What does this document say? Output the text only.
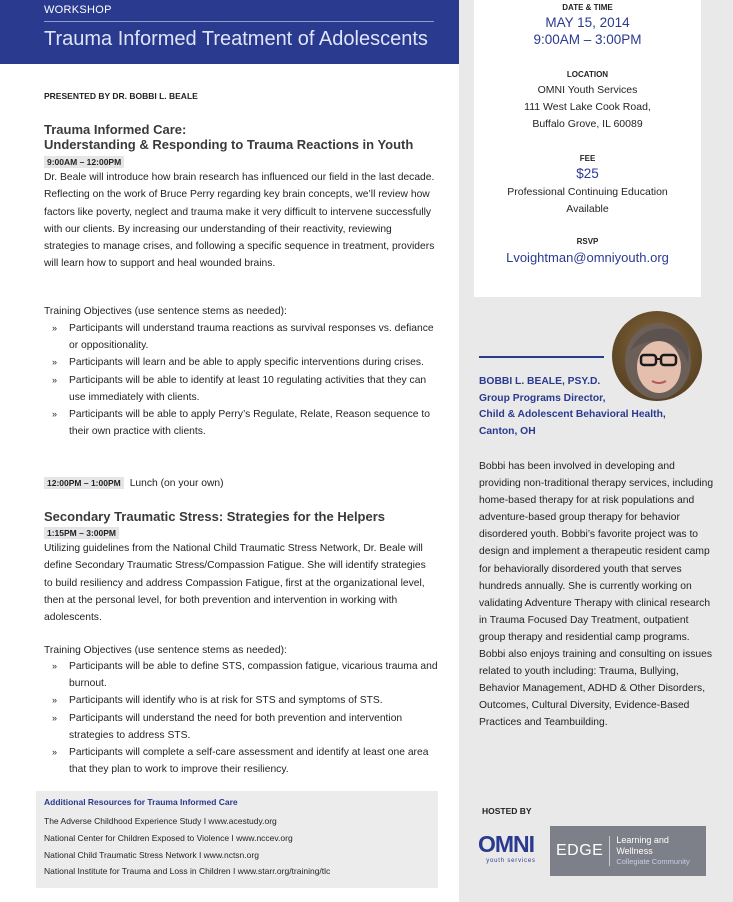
WORKSHOP
Trauma Informed Treatment of Adolescents
PRESENTED BY DR. BOBBI L. BEALE
Trauma Informed Care:
Understanding & Responding to Trauma Reactions in Youth
9:00AM – 12:00PM
Dr. Beale will introduce how brain research has influenced our field in the last decade. Reflecting on the work of Bruce Perry regarding key brain concepts, we’ll review how factors like poverty, neglect and trauma make it very difficult to intervene successfully with our clients. By increasing our understanding of their reactivity, reviewing strategies to manage crises, and following a specific sequence in treatment, providers will learn how to support and heal wounded brains.
Training Objectives (use sentence stems as needed):
» Participants will understand trauma reactions as survival responses vs. defiance or oppositionality.
» Participants will learn and be able to apply specific interventions during crises.
» Participants will be able to identify at least 10 regulating activities that they can use immediately with clients.
» Participants will be able to apply Perry’s Regulate, Relate, Reason sequence to their own practice with clients.
12:00PM – 1:00PM Lunch (on your own)
Secondary Traumatic Stress: Strategies for the Helpers
1:15PM – 3:00PM
Utilizing guidelines from the National Child Traumatic Stress Network, Dr. Beale will define Secondary Traumatic Stress/Compassion Fatigue. She will identify strategies to build resiliency and address Compassion Fatigue, first at the organizational level, then at the personal level, for both prevention and intervention in working with adolescents.
Training Objectives (use sentence stems as needed):
» Participants will be able to define STS, compassion fatigue, vicarious trauma and burnout.
» Participants will identify who is at risk for STS and symptoms of STS.
» Participants will understand the need for both prevention and intervention strategies to address STS.
» Participants will complete a self-care assessment and identify at least one area that they plan to work to improve their resiliency.
Additional Resources for Trauma Informed Care
The Adverse Childhood Experience Study I www.acestudy.org
National Center for Children Exposed to Violence I www.nccev.org
National Child Traumatic Stress Network I www.nctsn.org
National Institute for Trauma and Loss in Children I www.starr.org/training/tlc
DATE & TIME
MAY 15, 2014
9:00AM – 3:00PM
LOCATION
OMNI Youth Services
111 West Lake Cook Road,
Buffalo Grove, IL 60089
FEE
$25
Professional Continuing Education
Available
RSVP
Lvoightman@omniyouth.org
BOBBI L. BEALE, PSY.D.
Group Programs Director,
Child & Adolescent Behavioral Health,
Canton, OH
Bobbi has been involved in developing and providing non-traditional therapy services, including home-based therapy for at risk populations and adventure-based group therapy for behavior disordered youth. Bobbi’s favorite project was to design and implement a therapeutic resident camp for behaviorally disordered youth that serves hundreds annually. She is currently working on validating Adventure Therapy with clinical research in Trauma Focused Day Treatment, outpatient group therapy and residential camp programs. Bobbi also enjoys training and consulting on issues related to youth including: Trauma, Bullying, Behavior Management, ADHD & Other Disorders, Outcomes, Cultural Diversity, Evidence-Based Practices and Teambuilding.
HOSTED BY
OMNI
youth services
EDGE
Learning and Wellness
Collegiate Community
